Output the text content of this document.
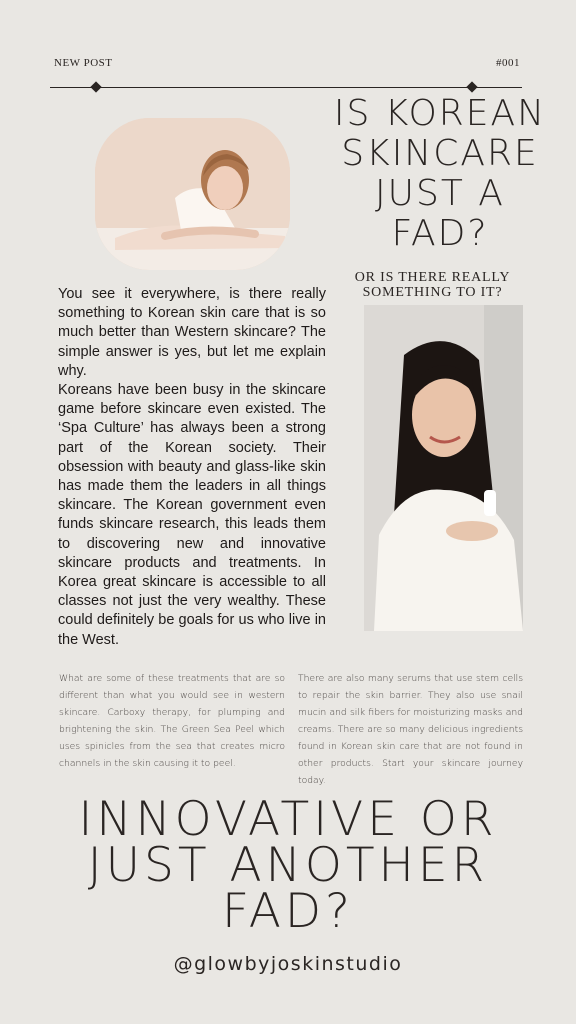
NEW POST	#001
IS KOREAN SKINCARE JUST A FAD?
OR IS THERE REALLY SOMETHING TO IT?

You see it everywhere, is there really something to Korean skin care that is so much better than Western skincare? The simple answer is yes, but let me explain why.

Koreans have been busy in the skincare game before skincare even existed. The ‘Spa Culture’ has always been a strong part of the Korean society. Their obsession with beauty and glass-like skin has made them the leaders in all things skincare. The Korean government even funds skincare research, this leads them to discovering new and innovative skincare products and treatments. In Korea great skincare is accessible to all classes not just the very wealthy. These could definitely be goals for us who live in the West.

What are some of these treatments that are so different than what you would see in western skincare. Carboxy therapy, for plumping and brightening the skin. The Green Sea Peel which uses spinicles from the sea that creates micro channels in the skin causing it to peel.
There are also many serums that use stem cells to repair the skin barrier. They also use snail mucin and silk fibers for moisturizing masks and creams. There are so many delicious ingredients found in Korean skin care that are not found in other products. Start your skincare journey today.
INNOVATIVE OR JUST ANOTHER FAD?
@glowbyjoskinstudio
